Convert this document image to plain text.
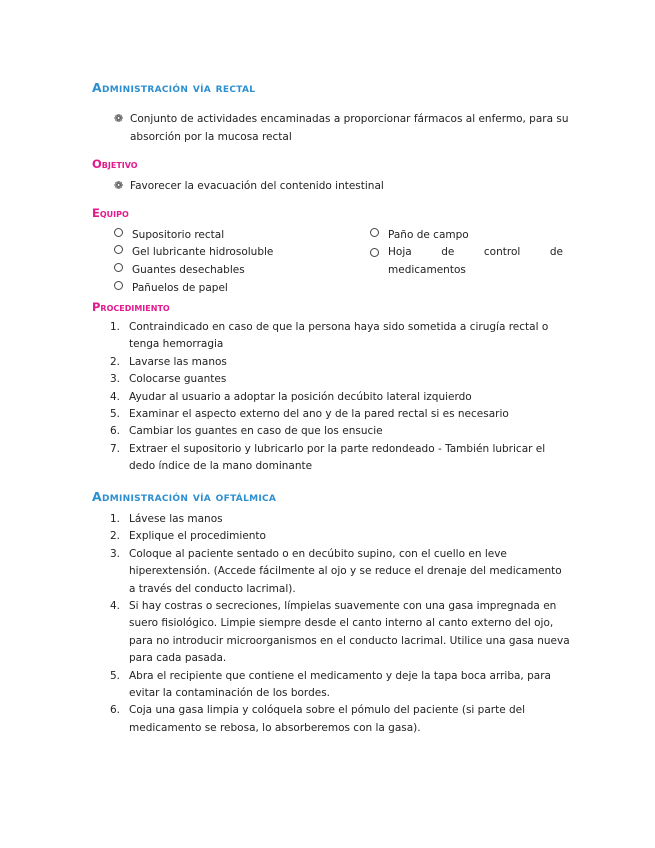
Administración vía rectal
❁ Conjunto de actividades encaminadas a proporcionar fármacos al enfermo, para su absorción por la mucosa rectal
Objetivo
❁ Favorecer la evacuación del contenido intestinal
Equipo
Supositorio rectal
Gel lubricante hidrosoluble
Guantes desechables
Pañuelos de papel
Paño de campo
Hoja de control de medicamentos
Procedimiento
1. Contraindicado en caso de que la persona haya sido sometida a cirugía rectal o tenga hemorragia
2. Lavarse las manos
3. Colocarse guantes
4. Ayudar al usuario a adoptar la posición decúbito lateral izquierdo
5. Examinar el aspecto externo del ano y de la pared rectal si es necesario
6. Cambiar los guantes en caso de que los ensucie
7. Extraer el supositorio y lubricarlo por la parte redondeado - También lubricar el dedo índice de la mano dominante
Administración vía oftálmica
1. Lávese las manos
2. Explique el procedimiento
3. Coloque al paciente sentado o en decúbito supino, con el cuello en leve hiperextensión. (Accede fácilmente al ojo y se reduce el drenaje del medicamento a través del conducto lacrimal).
4. Si hay costras o secreciones, límpielas suavemente con una gasa impregnada en suero fisiológico. Limpie siempre desde el canto interno al canto externo del ojo, para no introducir microorganismos en el conducto lacrimal. Utilice una gasa nueva para cada pasada.
5. Abra el recipiente que contiene el medicamento y deje la tapa boca arriba, para evitar la contaminación de los bordes.
6. Coja una gasa limpia y colóquela sobre el pómulo del paciente (si parte del medicamento se rebosa, lo absorberemos con la gasa).
